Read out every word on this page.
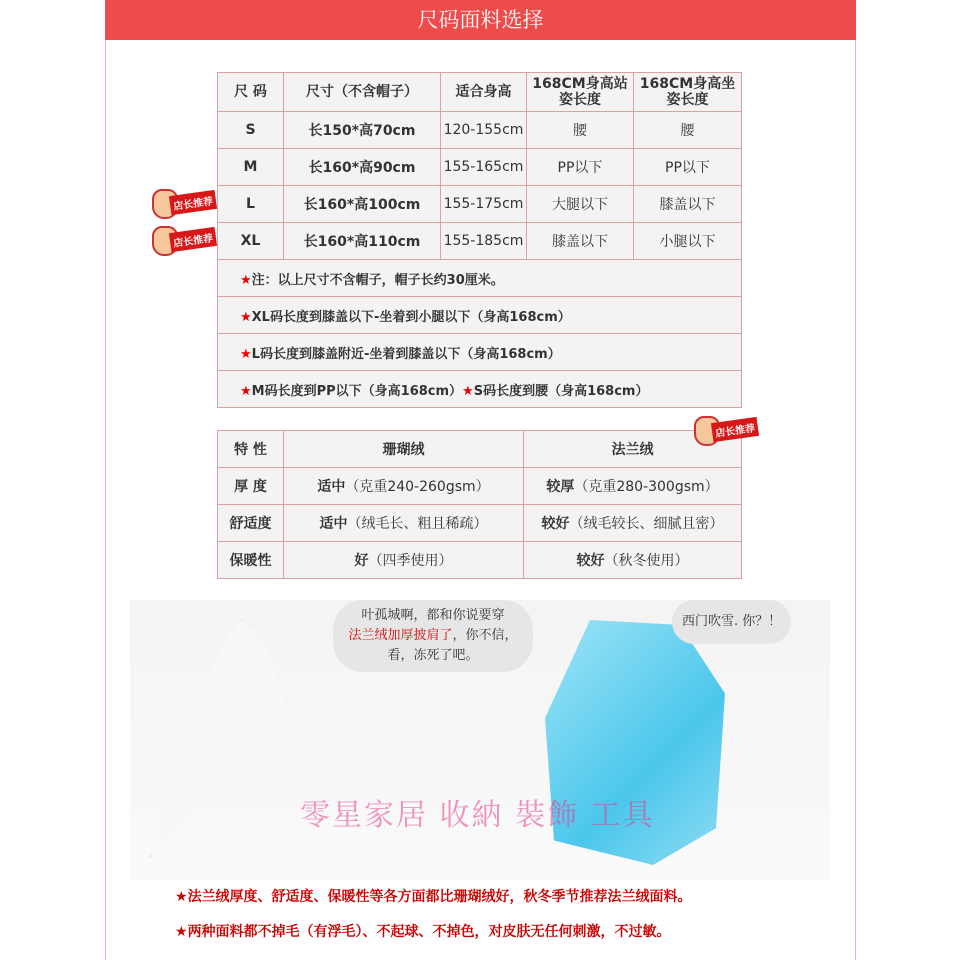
尺码面料选择
尺 码	尺寸（不含帽子）	适合身高	168CM身高站姿长度	168CM身高坐姿长度
S	长150*高70cm	120-155cm	腰	腰
M	长160*高90cm	155-165cm	PP以下	PP以下
L	长160*高100cm	155-175cm	大腿以下	膝盖以下
XL	长160*高110cm	155-185cm	膝盖以下	小腿以下
★注：以上尺寸不含帽子，帽子长约30厘米。				
★XL码长度到膝盖以下-坐着到小腿以下（身高168cm）				
★L码长度到膝盖附近-坐着到膝盖以下（身高168cm）				
★M码长度到PP以下（身高168cm）★S码长度到腰（身高168cm）				
店长推荐
店长推荐
特 性	珊瑚绒	法兰绒
厚 度	适中（克重240-260gsm）	较厚（克重280-300gsm）
舒适度	适中（绒毛长、粗且稀疏）	较好（绒毛较长、细腻且密）
保暖性	好（四季使用）	较好（秋冬使用）
店长推荐
零星家居 收納 裝飾 工具
叶孤城啊，都和你说要穿
法兰绒加厚披肩了，你不信，
看，冻死了吧。
西门吹雪. 你？！
★法兰绒厚度、舒适度、保暖性等各方面都比珊瑚绒好，秋冬季节推荐法兰绒面料。
★两种面料都不掉毛（有浮毛）、不起球、不掉色，对皮肤无任何刺激，不过敏。
